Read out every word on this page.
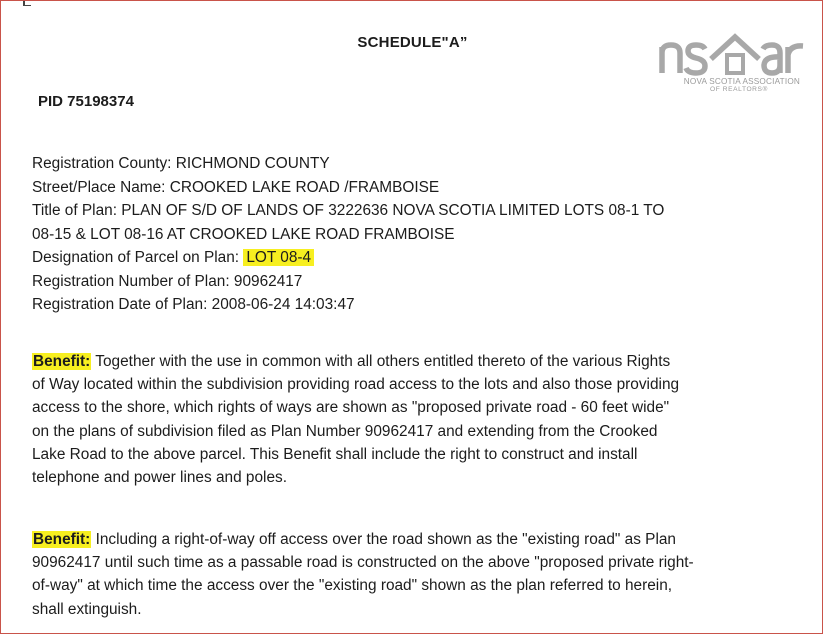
SCHEDULE"A”
NOVA SCOTIA ASSOCIATION
OF REALTORS®
PID 75198374
Registration County: RICHMOND COUNTY
Street/Place Name: CROOKED LAKE ROAD /FRAMBOISE
Title of Plan: PLAN OF S/D OF LANDS OF 3222636 NOVA SCOTIA LIMITED LOTS 08-1 TO
08-15 & LOT 08-16 AT CROOKED LAKE ROAD FRAMBOISE
Designation of Parcel on Plan: LOT 08-4
Registration Number of Plan: 90962417
Registration Date of Plan: 2008-06-24 14:03:47
Benefit: Together with the use in common with all others entitled thereto of the various Rights
of Way located within the subdivision providing road access to the lots and also those providing
access to the shore, which rights of ways are shown as "proposed private road - 60 feet wide"
on the plans of subdivision filed as Plan Number 90962417 and extending from the Crooked
Lake Road to the above parcel. This Benefit shall include the right to construct and install
telephone and power lines and poles.
Benefit: Including a right-of-way off access over the road shown as the "existing road" as Plan
90962417 until such time as a passable road is constructed on the above "proposed private right-
of-way" at which time the access over the "existing road" shown as the plan referred to herein,
shall extinguish.
